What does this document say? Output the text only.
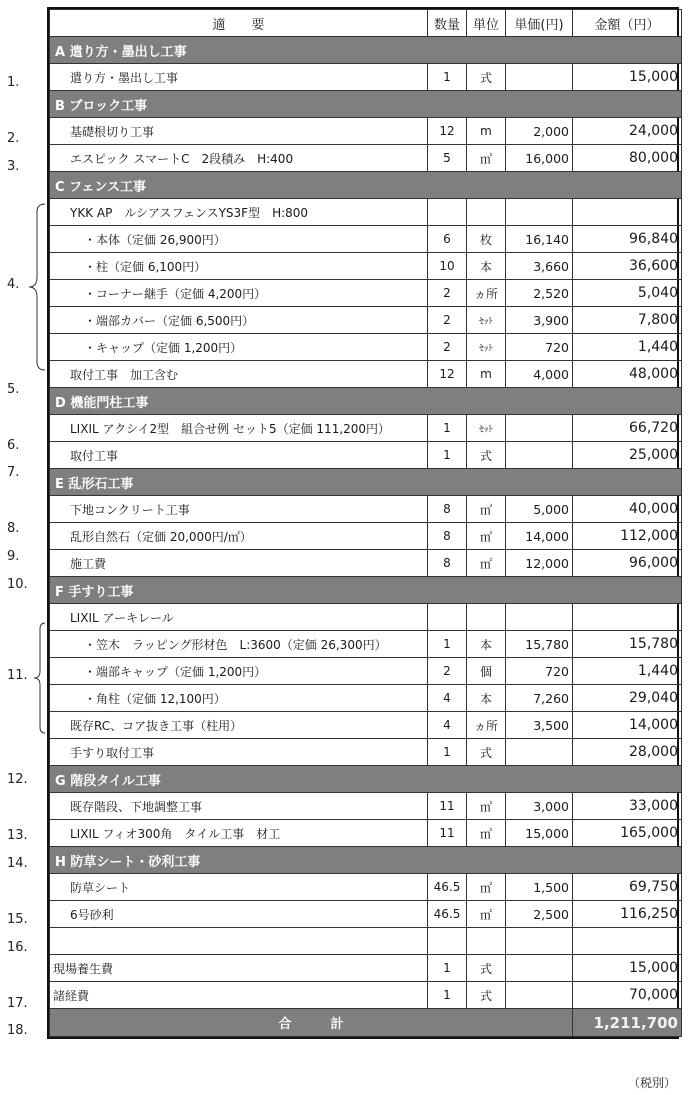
適　　要	数量	単位	単価(円)	金額（円）
A 遣り方・墨出し工事				
遣り方・墨出し工事	1	式		15,000
B ブロック工事				
基礎根切り工事	12	m	2,000	24,000
エスピック スマートC　2段積み　H:400	5	㎡	16,000	80,000
C フェンス工事				
YKK AP　ルシアスフェンスYS3F型　H:800				
・本体（定価 26,900円）	6	枚	16,140	96,840
・柱（定価 6,100円）	10	本	3,660	36,600
・コーナー継手（定価 4,200円）	2	ヵ所	2,520	5,040
・端部カバー（定価 6,500円）	2	ｾｯﾄ	3,900	7,800
・キャップ（定価 1,200円）	2	ｾｯﾄ	720	1,440
取付工事　加工含む	12	m	4,000	48,000
D 機能門柱工事				
LIXIL アクシイ2型　組合せ例 セット5（定価 111,200円）	1	ｾｯﾄ		66,720
取付工事	1	式		25,000
E 乱形石工事				
下地コンクリート工事	8	㎡	5,000	40,000
乱形自然石（定価 20,000円/㎡）	8	㎡	14,000	112,000
施工費	8	㎡	12,000	96,000
F 手すり工事				
LIXIL アーキレール				
・笠木　ラッピング形材色　L:3600（定価 26,300円）	1	本	15,780	15,780
・端部キャップ（定価 1,200円）	2	個	720	1,440
・角柱（定価 12,100円）	4	本	7,260	29,040
既存RC、コア抜き工事（柱用）	4	ヵ所	3,500	14,000
手すり取付工事	1	式		28,000
G 階段タイル工事				
既存階段、下地調整工事	11	㎡	3,000	33,000
LIXIL フィオ300角　タイル工事　材工	11	㎡	15,000	165,000
H 防草シート・砂利工事				
防草シート	46.5	㎡	1,500	69,750
6号砂利	46.5	㎡	2,500	116,250

現場養生費	1	式		15,000
諸経費	1	式		70,000
合　　　計				1,211,700
1.
2.
3.
5.
6.
7.
8.
9.
10.
12.
13.
14.
15.
16.
17.
18.
4.
11.
（税別）
